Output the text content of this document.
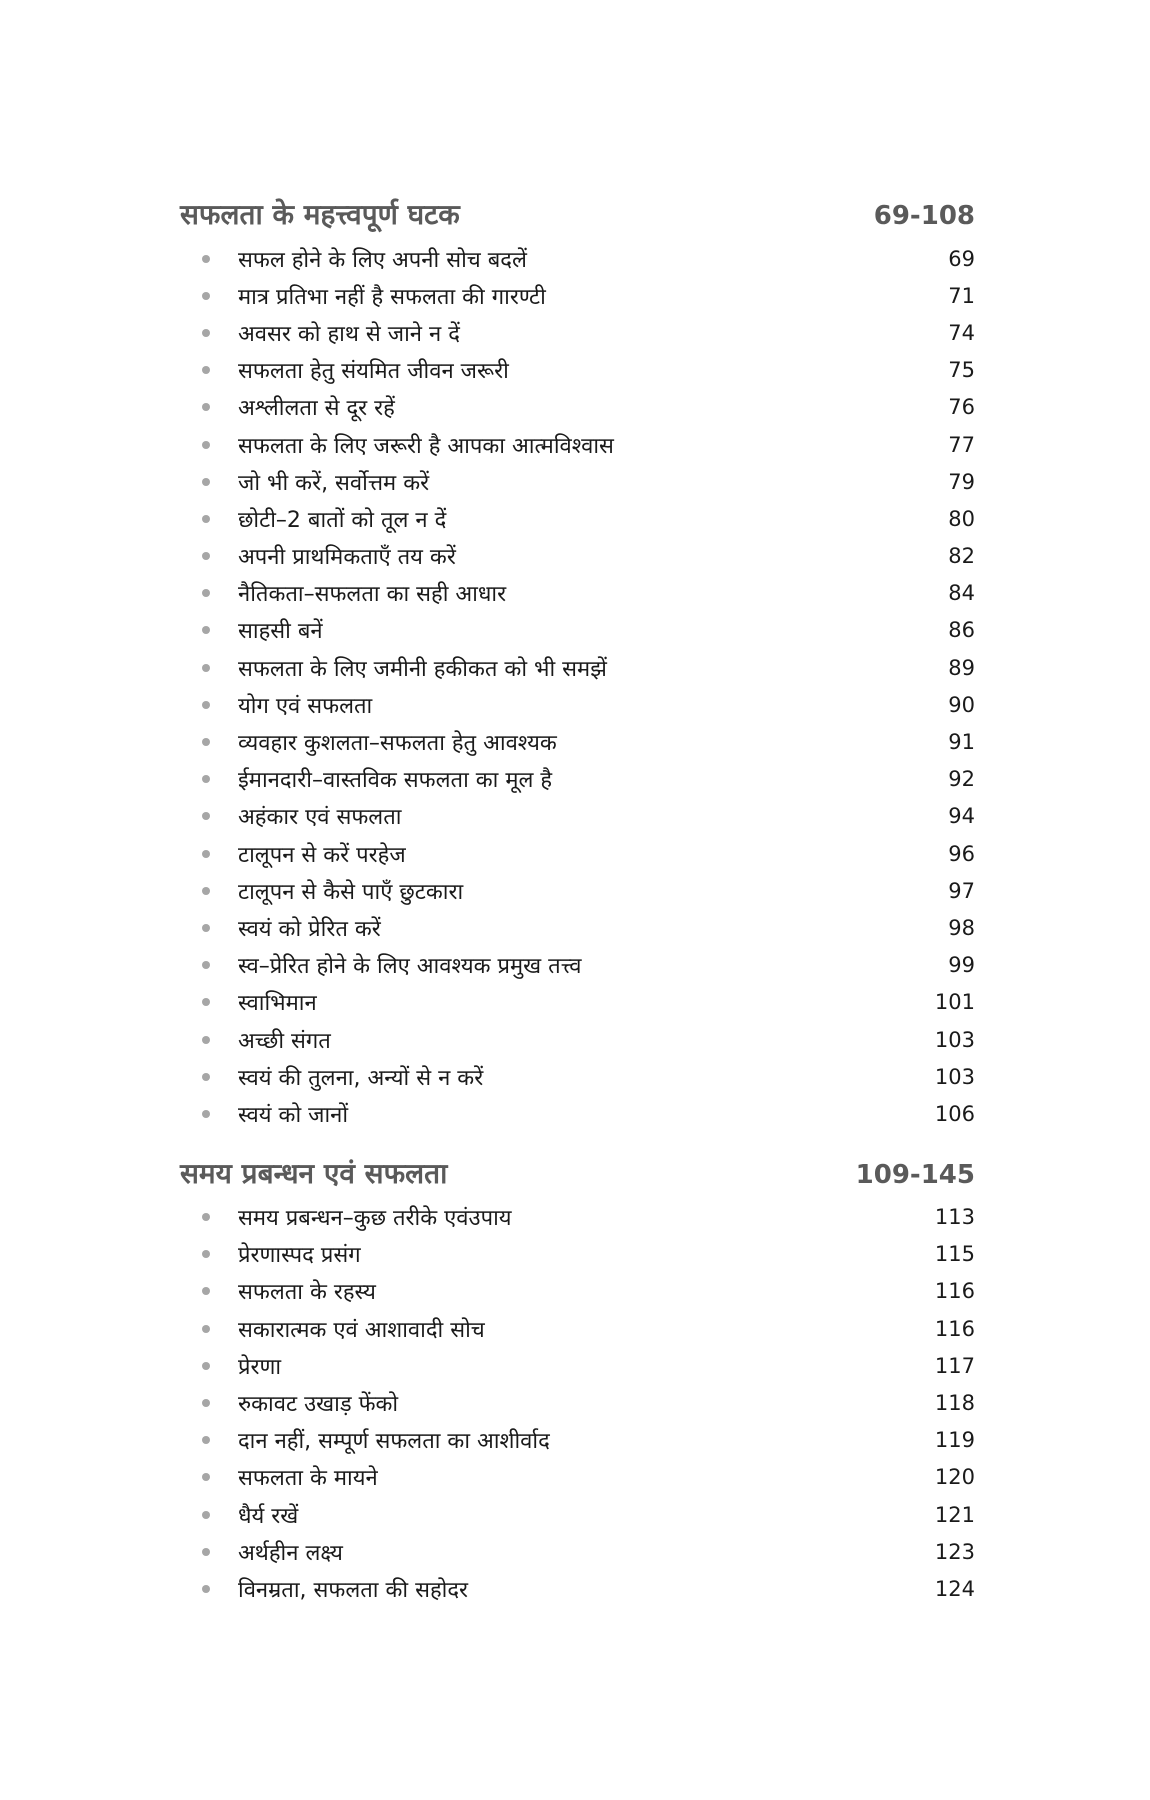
सफलता के महत्त्वपूर्ण घटक	69-108
सफल होने के लिए अपनी सोच बदलें	69
मात्र प्रतिभा नहीं है सफलता की गारण्टी	71
अवसर को हाथ से जाने न दें	74
सफलता हेतु संयमित जीवन जरूरी	75
अश्लीलता से दूर रहें	76
सफलता के लिए जरूरी है आपका आत्मविश्वास	77
जो भी करें, सर्वोत्तम करें	79
छोटी–2 बातों को तूल न दें	80
अपनी प्राथमिकताएँ तय करें	82
नैतिकता–सफलता का सही आधार	84
साहसी बनें	86
सफलता के लिए जमीनी हकीकत को भी समझें	89
योग एवं सफलता	90
व्यवहार कुशलता–सफलता हेतु आवश्यक	91
ईमानदारी–वास्तविक सफलता का मूल है	92
अहंकार एवं सफलता	94
टालूपन से करें परहेज	96
टालूपन से कैसे पाएँ छुटकारा	97
स्वयं को प्रेरित करें	98
स्व–प्रेरित होने के लिए आवश्यक प्रमुख तत्त्व	99
स्वाभिमान	101
अच्छी संगत	103
स्वयं की तुलना, अन्यों से न करें	103
स्वयं को जानों	106
समय प्रबन्धन एवं सफलता	109-145
समय प्रबन्धन–कुछ तरीके एवंउपाय	113
प्रेरणास्पद प्रसंग	115
सफलता के रहस्य	116
सकारात्मक एवं आशावादी सोच	116
प्रेरणा	117
रुकावट उखाड़ फेंको	118
दान नहीं, सम्पूर्ण सफलता का आशीर्वाद	119
सफलता के मायने	120
धैर्य रखें	121
अर्थहीन लक्ष्य	123
विनम्रता, सफलता की सहोदर	124
